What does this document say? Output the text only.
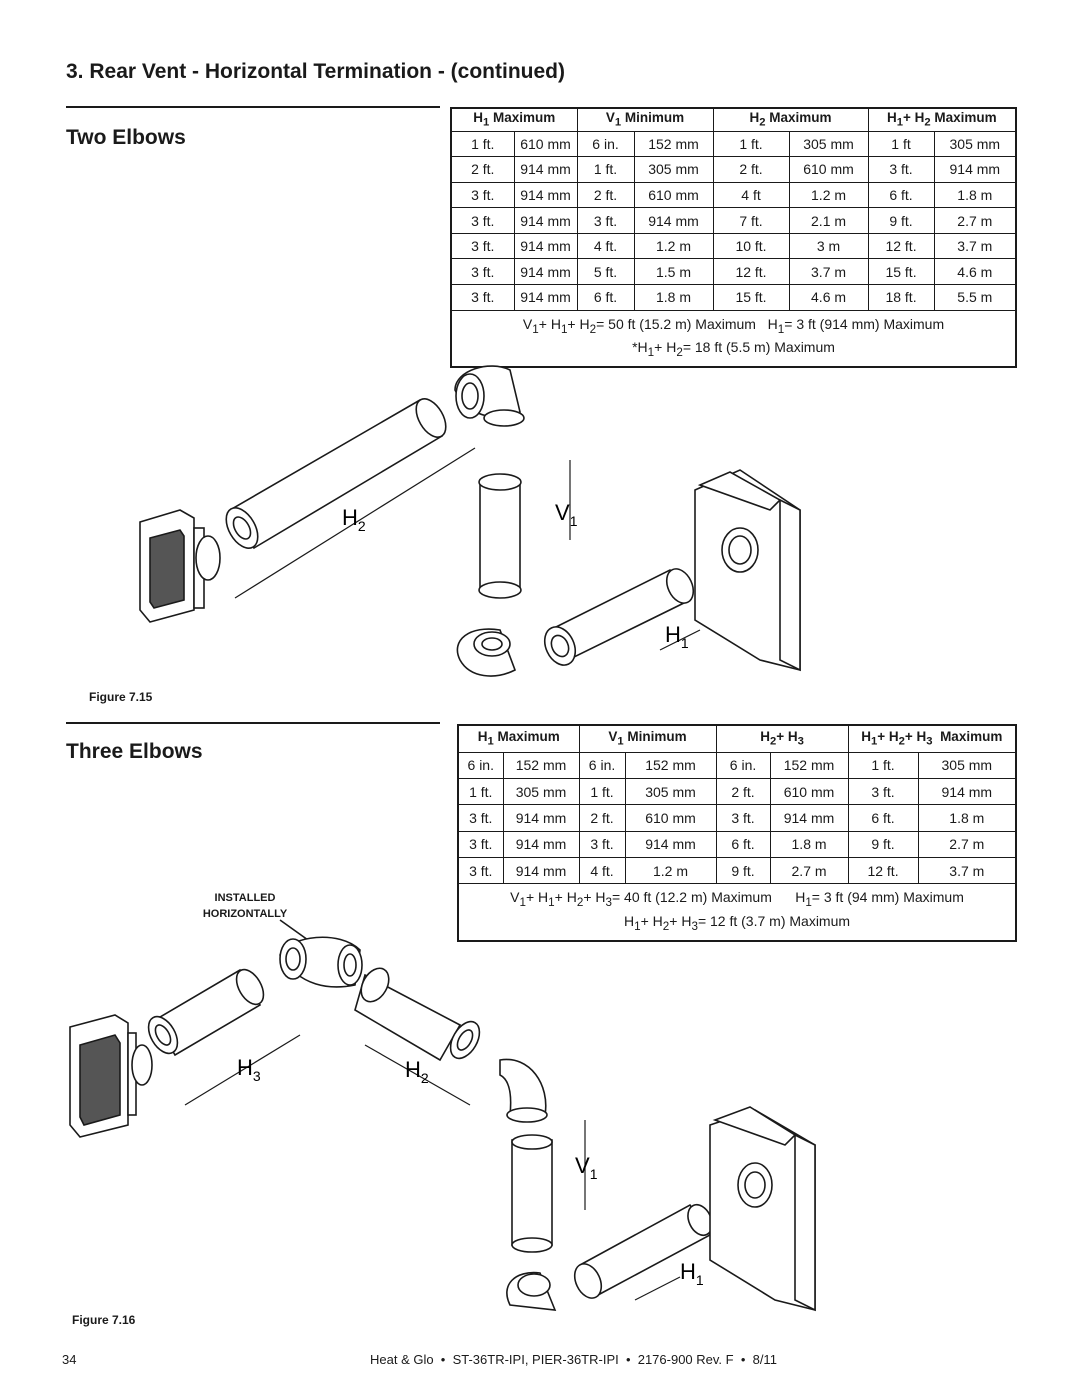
3. Rear Vent - Horizontal Termination - (continued)
Two Elbows
$H_1$ Maximum		$V_1$ Minimum		$H_2$ Maximum		$H_1+ H_2$ Maximum	
1 ft.	610 mm	6 in.	152 mm	1 ft.	305 mm	1 ft	305 mm
2 ft.	914 mm	1 ft.	305 mm	2 ft.	610 mm	3 ft.	914 mm
3 ft.	914 mm	2 ft.	610 mm	4 ft	1.2 m	6 ft.	1.8 m
3 ft.	914 mm	3 ft.	914 mm	7 ft.	2.1 m	9 ft.	2.7 m
3 ft.	914 mm	4 ft.	1.2 m	10 ft.	3 m	12 ft.	3.7 m
3 ft.	914 mm	5 ft.	1.5 m	12 ft.	3.7 m	15 ft.	4.6 m
3 ft.	914 mm	6 ft.	1.8 m	15 ft.	4.6 m	18 ft.	5.5 m

$V_1+ H_1+ H_2= 50$ ft (15.2 m) Maximum   $H_1= 3$ ft (914 mm) Maximum
$*H_1+ H_2= 18$ ft (5.5 m) Maximum							
$H_2$
$V_1$
$H_1$
Figure 7.15
Three Elbows
$H_1$ Maximum		$V_1$ Minimum		$H_2+ H_3$		$H_1+ H_2+ H_3$  Maximum	
6 in.	152 mm	6 in.	152 mm	6 in.	152 mm	1 ft.	305 mm
1 ft.	305 mm	1 ft.	305 mm	2 ft.	610 mm	3 ft.	914 mm
3 ft.	914 mm	2 ft.	610 mm	3 ft.	914 mm	6 ft.	1.8 m
3 ft.	914 mm	3 ft.	914 mm	6 ft.	1.8 m	9 ft.	2.7 m
3 ft.	914 mm	4 ft.	1.2 m	9 ft.	2.7 m	12 ft.	3.7 m

$V_1+ H_1+ H_2+ H_3= 40$ ft (12.2 m) Maximum      $H_1= 3$ ft (94 mm) Maximum
$H_1+ H_2+ H_3= 12$ ft (3.7 m) Maximum							
INSTALLED
HORIZONTALLY
$H_3$	$H_2$
$V_1$
$H_1$
Figure 7.16
34	Heat & Glo  •  ST-36TR-IPI, PIER-36TR-IPI  •  2176-900 Rev. F  •  8/11
